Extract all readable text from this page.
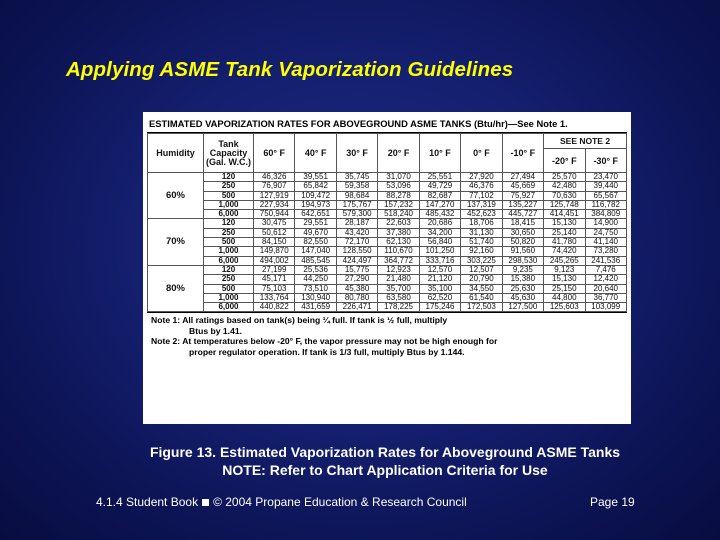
Applying ASME Tank Vaporization Guidelines
ESTIMATED VAPORIZATION RATES FOR ABOVEGROUND ASME TANKS (Btu/hr)—See Note 1.
Humidity	Tank Capacity (Gal. W.C.)	60° F	40° F	30° F	20° F	10° F	0° F	-10° F	SEE NOTE 2	
									-20° F	-30° F
60%	120	46,326	39,551	35,745	31,070	25,551	27,920	27,494	25,570	23,470
	250	76,907	65,842	59,358	53,096	49,729	46,376	45,669	42,480	39,440
	500	127,919	109,472	98,684	88,278	82,687	77,102	75,927	70,630	65,567
	1,000	227,934	194,973	175,767	157,232	147,270	137,319	135,227	125,748	116,782
	6,000	750,944	642,651	579,300	518,240	485,432	452,623	445,727	414,451	384,809
70%	120	30,475	29,551	28,187	22,603	20,686	18,706	18,415	15,130	14,900
	250	50,612	49,670	43,420	37,380	34,200	31,130	30,650	25,140	24,750
	500	84,150	82,550	72,170	62,130	56,840	51,740	50,820	41,780	41,140
	1,000	149,870	147,040	128,550	110,670	101,250	92,160	91,560	74,420	73,280
	6,000	494,002	485,545	424,497	364,772	333,716	303,225	298,530	245,265	241,536
80%	120	27,199	25,536	15,775	12,923	12,570	12,507	9,235	9,123	7,476
	250	45,171	44,250	27,290	21,480	21,120	20,790	15,380	15,130	12,420
	500	75,103	73,510	45,380	35,700	35,100	34,550	25,630	25,150	20,640
	1,000	133,764	130,940	80,780	63,580	62,520	61,540	45,630	44,800	36,770
	6,000	440,822	431,659	226,471	178,225	175,246	172,503	127,500	125,603	103,099
Note 1: All ratings based on tank(s) being ¼ full. If tank is ½ full, multiply
Btus by 1.41.
Note 2: At temperatures below -20° F, the vapor pressure may not be high enough for
proper regulator operation. If tank is 1/3 full, multiply Btus by 1.144.
Figure 13. Estimated Vaporization Rates for Aboveground ASME Tanks
NOTE: Refer to Chart Application Criteria for Use
4.1.4 Student Book © 2004 Propane Education & Research Council	Page 19
